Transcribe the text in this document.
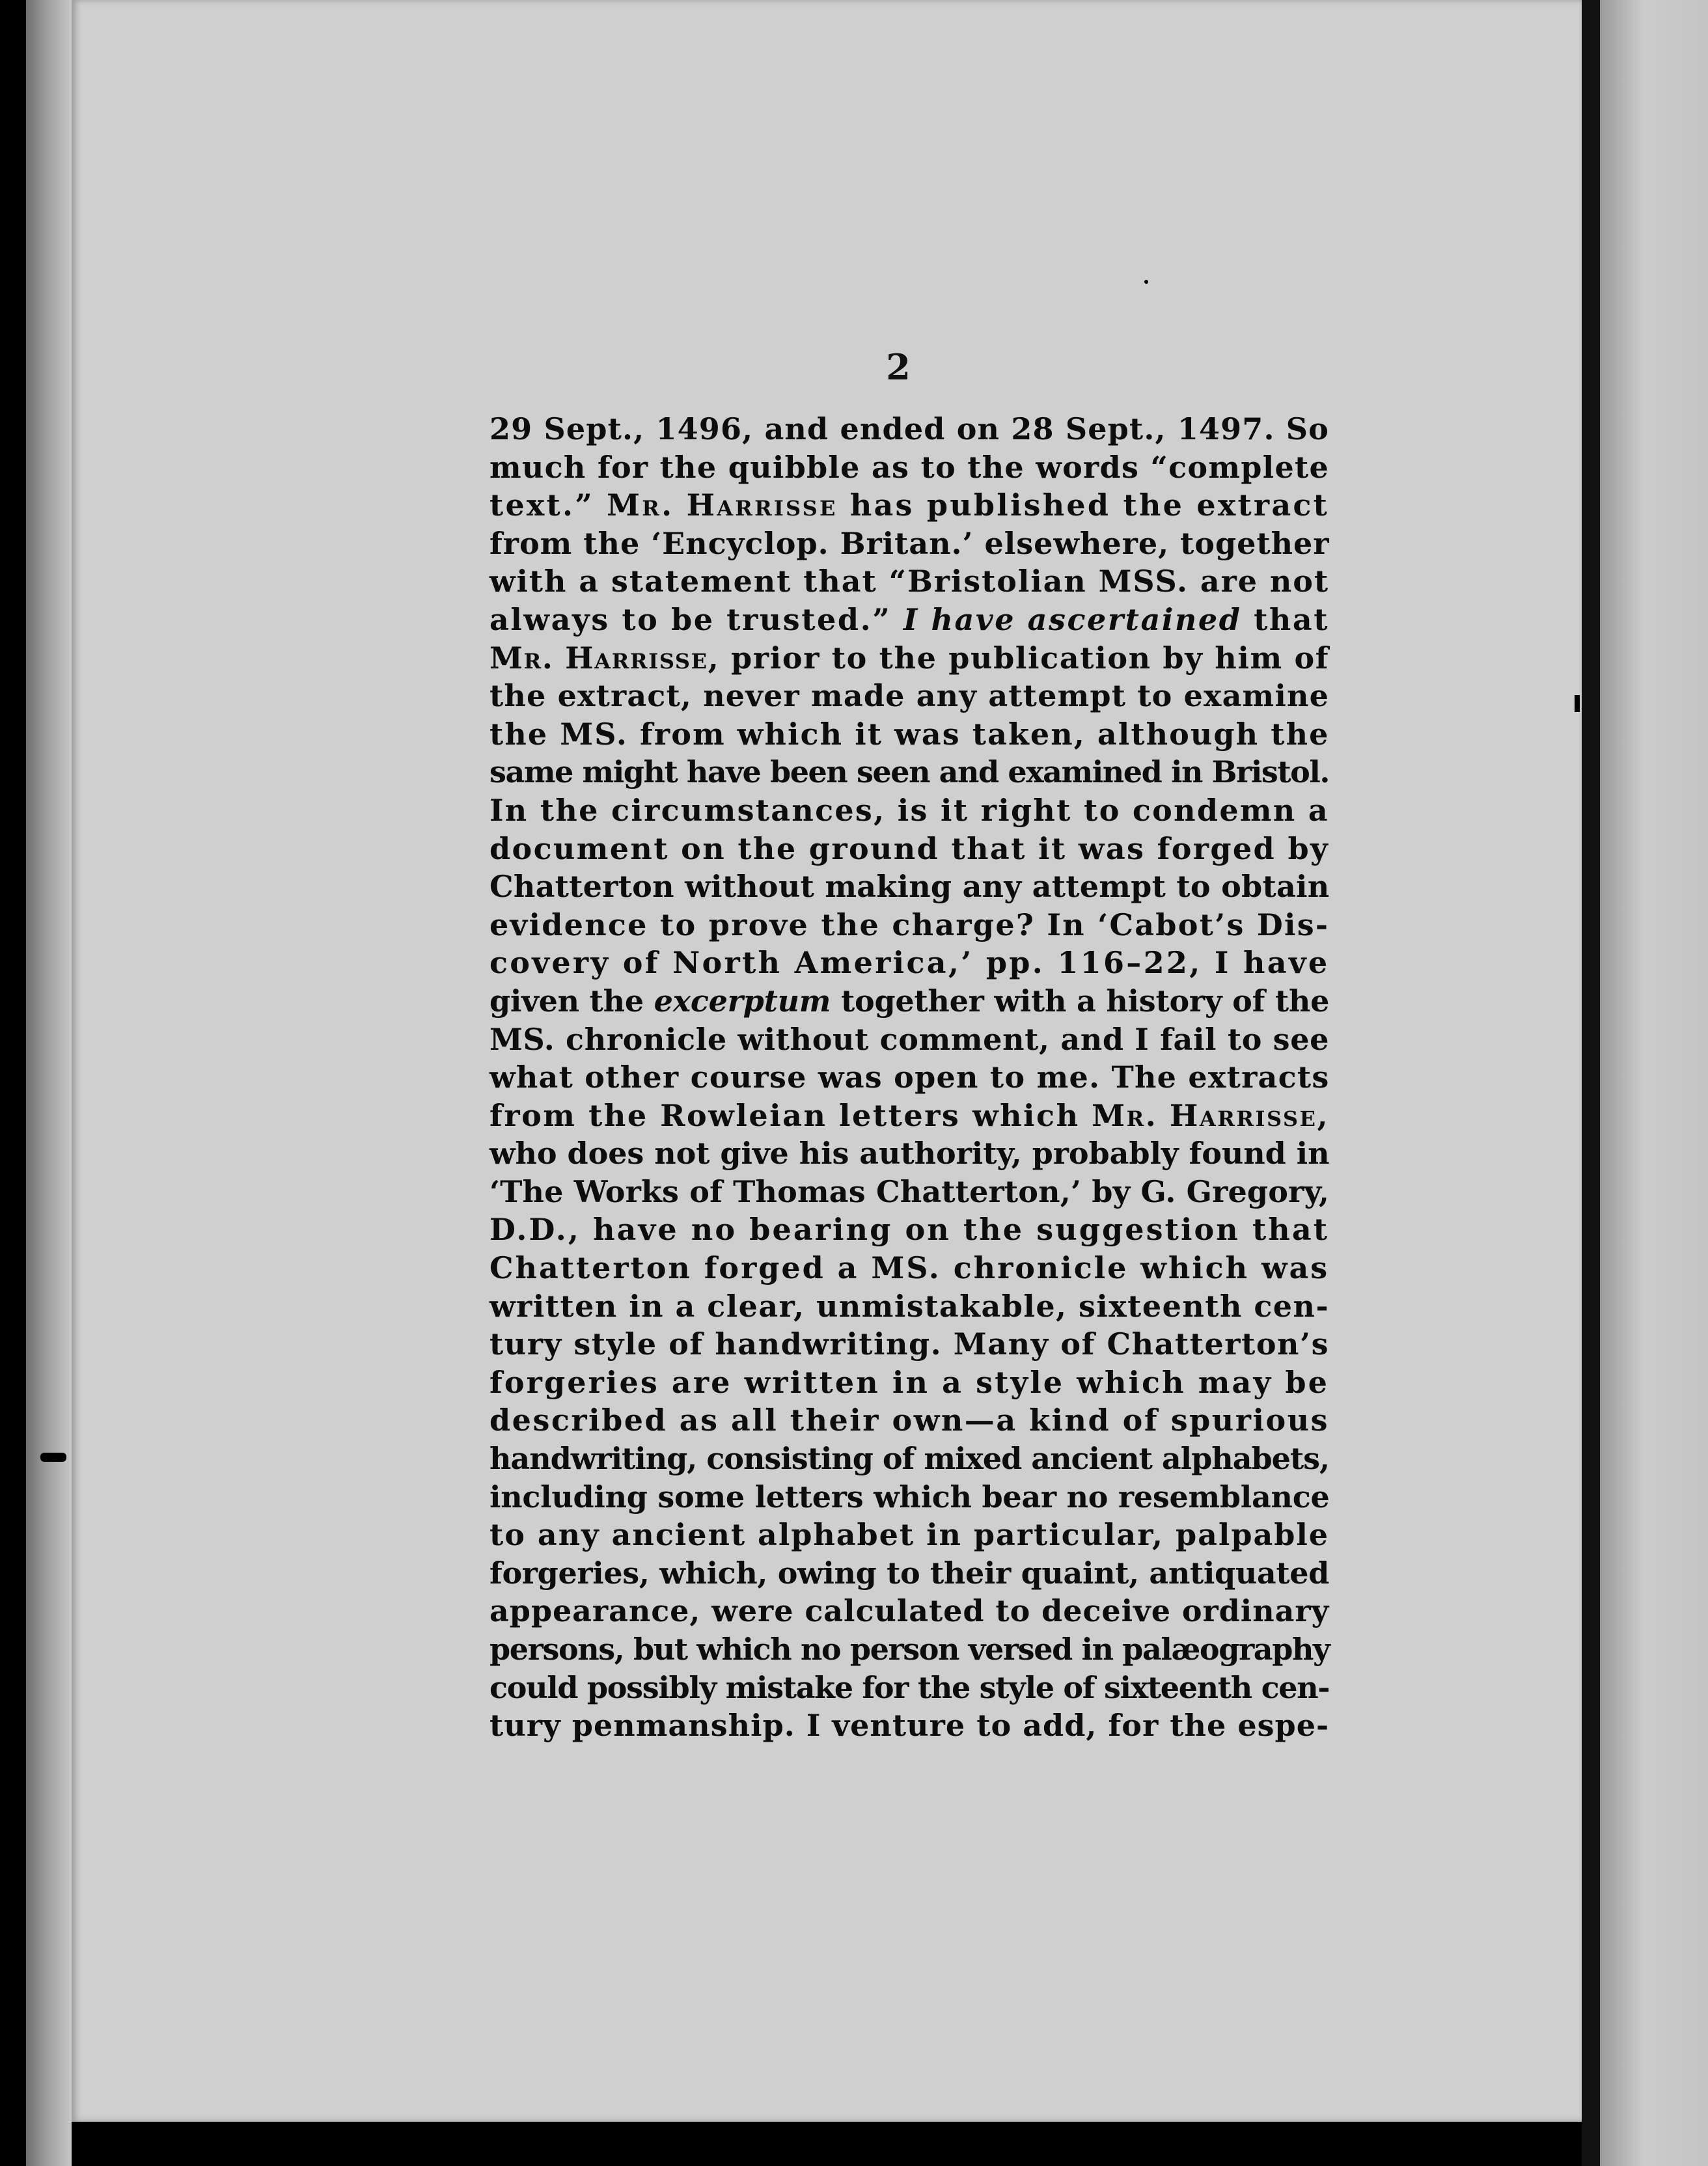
2
29 Sept., 1496, and ended on 28 Sept., 1497. So
much for the quibble as to the words “complete
text.” Mr. Harrisse has published the extract
from the ‘Encyclop. Britan.’ elsewhere, together
with a statement that “Bristolian MSS. are not
always to be trusted.” I have ascertained that
Mr. Harrisse, prior to the publication by him of
the extract, never made any attempt to examine
the MS. from which it was taken, although the
same might have been seen and examined in Bristol.
In the circumstances, is it right to condemn a
document on the ground that it was forged by
Chatterton without making any attempt to obtain
evidence to prove the charge? In ‘Cabot’s Dis-
covery of North America,’ pp. 116–22, I have
given the excerptum together with a history of the
MS. chronicle without comment, and I fail to see
what other course was open to me. The extracts
from the Rowleian letters which Mr. Harrisse,
who does not give his authority, probably found in
‘The Works of Thomas Chatterton,’ by G. Gregory,
D.D., have no bearing on the suggestion that
Chatterton forged a MS. chronicle which was
written in a clear, unmistakable, sixteenth cen-
tury style of handwriting. Many of Chatterton’s
forgeries are written in a style which may be
described as all their own—a kind of spurious
handwriting, consisting of mixed ancient alphabets,
including some letters which bear no resemblance
to any ancient alphabet in particular, palpable
forgeries, which, owing to their quaint, antiquated
appearance, were calculated to deceive ordinary
persons, but which no person versed in palæography
could possibly mistake for the style of sixteenth cen-
tury penmanship. I venture to add, for the espe-
